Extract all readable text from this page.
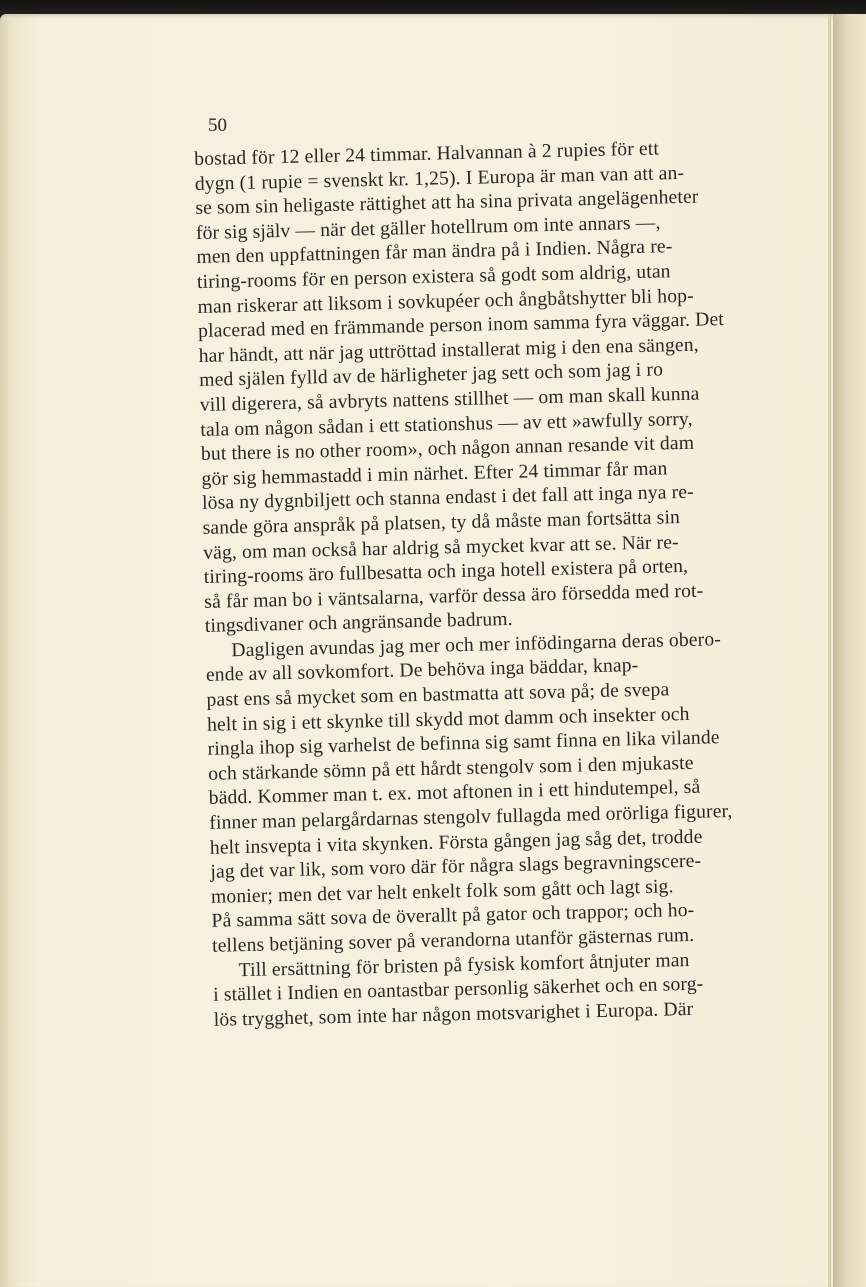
50
bostad för 12 eller 24 timmar. Halvannan à 2 rupies för ett
dygn (1 rupie = svenskt kr. 1,25). I Europa är man van att an-
se som sin heligaste rättighet att ha sina privata angelägenheter
för sig själv — när det gäller hotellrum om inte annars —,
men den uppfattningen får man ändra på i Indien. Några re-
tiring-rooms för en person existera så godt som aldrig, utan
man riskerar att liksom i sovkupéer och ångbåtshytter bli hop-
placerad med en främmande person inom samma fyra väggar. Det
har händt, att när jag uttröttad installerat mig i den ena sängen,
med själen fylld av de härligheter jag sett och som jag i ro
vill digerera, så avbryts nattens stillhet — om man skall kunna
tala om någon sådan i ett stationshus — av ett »awfully sorry,
but there is no other room», och någon annan resande vit dam
gör sig hemmastadd i min närhet. Efter 24 timmar får man
lösa ny dygnbiljett och stanna endast i det fall att inga nya re-
sande göra anspråk på platsen, ty då måste man fortsätta sin
väg, om man också har aldrig så mycket kvar att se. När re-
tiring-rooms äro fullbesatta och inga hotell existera på orten,
så får man bo i väntsalarna, varför dessa äro försedda med rot-
tingsdivaner och angränsande badrum.
Dagligen avundas jag mer och mer infödingarna deras obero-
ende av all sovkomfort. De behöva inga bäddar, knap-
past ens så mycket som en bastmatta att sova på; de svepa
helt in sig i ett skynke till skydd mot damm och insekter och
ringla ihop sig varhelst de befinna sig samt finna en lika vilande
och stärkande sömn på ett hårdt stengolv som i den mjukaste
bädd. Kommer man t. ex. mot aftonen in i ett hindutempel, så
finner man pelargårdarnas stengolv fullagda med orörliga figurer,
helt insvepta i vita skynken. Första gången jag såg det, trodde
jag det var lik, som voro där för några slags begravningscere-
monier; men det var helt enkelt folk som gått och lagt sig.
På samma sätt sova de överallt på gator och trappor; och ho-
tellens betjäning sover på verandorna utanför gästernas rum.
Till ersättning för bristen på fysisk komfort åtnjuter man
i stället i Indien en oantastbar personlig säkerhet och en sorg-
lös trygghet, som inte har någon motsvarighet i Europa. Där
